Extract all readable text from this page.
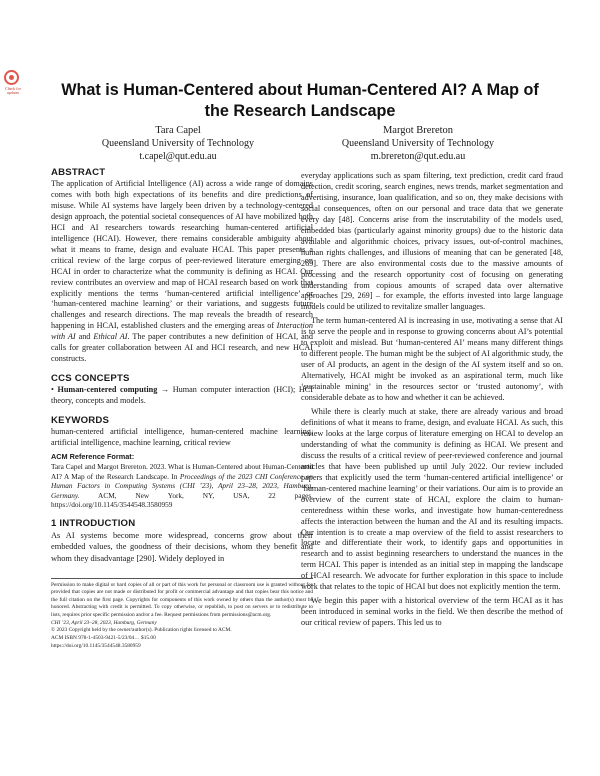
Check for updates	What is Human-Centered about Human-Centered AI? A Map of the Research Landscape
Tara Capel
Queensland University of Technology
t.capel@qut.edu.au
Margot Brereton
Queensland University of Technology
m.brereton@qut.edu.au
ABSTRACT

The application of Artificial Intelligence (AI) across a wide range of domains comes with both high expectations of its benefits and dire predictions of misuse. While AI systems have largely been driven by a technology-centered design approach, the potential societal consequences of AI have mobilized both HCI and AI researchers towards researching human-centered artificial intelligence (HCAI). However, there remains considerable ambiguity about what it means to frame, design and evaluate HCAI. This paper presents a critical review of the large corpus of peer-reviewed literature emerging on HCAI in order to characterize what the community is defining as HCAI. Our review contributes an overview and map of HCAI research based on work that explicitly mentions the terms ‘human-centered artificial intelligence’ or ‘human-centered machine learning’ or their variations, and suggests future challenges and research directions. The map reveals the breadth of research happening in HCAI, established clusters and the emerging areas of Interaction with AI and Ethical AI. The paper contributes a new definition of HCAI, and calls for greater collaboration between AI and HCI research, and new HCAI constructs.

CCS CONCEPTS

• Human-centered computing → Human computer interaction (HCI); HCI theory, concepts and models.

KEYWORDS

human-centered artificial intelligence, human-centered machine learning, artificial intelligence, machine learning, critical review

ACM Reference Format:

Tara Capel and Margot Brereton. 2023. What is Human-Centered about Human-Centered AI? A Map of the Research Landscape. In Proceedings of the 2023 CHI Conference on Human Factors in Computing Systems (CHI ’23), April 23–28, 2023, Hamburg, Germany. ACM, New York, NY, USA, 22 pages. https://doi.org/10.1145/3544548.3580959

1 INTRODUCTION

As AI systems become more widespread, concerns grow about their embedded values, the goodness of their decisions, whom they benefit and whom they disadvantage [290]. Widely deployed in

Permission to make digital or hard copies of all or part of this work for personal or classroom use is granted without fee provided that copies are not made or distributed for profit or commercial advantage and that copies bear this notice and the full citation on the first page. Copyrights for components of this work owned by others than the author(s) must be honored. Abstracting with credit is permitted. To copy otherwise, or republish, to post on servers or to redistribute to lists, requires prior specific permission and/or a fee. Request permissions from permissions@acm.org.

CHI ’23, April 23–28, 2023, Hamburg, Germany

© 2023 Copyright held by the owner/author(s). Publication rights licensed to ACM.

ACM ISBN 978-1-4503-9421-5/23/04… $15.00

https://doi.org/10.1145/3544548.3580959

everyday applications such as spam filtering, text prediction, credit card fraud detection, credit scoring, search engines, news trends, market segmentation and advertising, insurance, loan qualification, and so on, they make decisions with social consequences, often on our personal and trace data that we generate every day [48]. Concerns arise from the inscrutability of the models used, embedded bias (particularly against minority groups) due to the historic data available and algorithmic choices, privacy issues, out-of-control machines, human rights challenges, and illusions of meaning that can be generated [48, 269]. There are also environmental costs due to the massive amounts of processing and the research opportunity cost of focusing on generating understanding from copious amounts of scraped data over alternative approaches [29, 269] – for example, the efforts invested into large language models could be utilized to revitalize smaller languages.

The term human-centered AI is increasing in use, motivating a sense that AI is to serve the people and in response to growing concerns about AI’s potential to exploit and mislead. But ‘human-centered AI’ means many different things to different people. The human might be the subject of AI algorithmic study, the user of AI products, an agent in the design of the AI system itself and so on. Alternatively, HCAI might be invoked as an aspirational term, much like ‘sustainable mining’ in the resources sector or ‘trusted autonomy’, with considerable debate as to how and whether it can be achieved.

While there is clearly much at stake, there are already various and broad definitions of what it means to frame, design, and evaluate HCAI. As such, this review looks at the large corpus of literature emerging on HCAI to develop an understanding of what the community is defining as HCAI. We present and discuss the results of a critical review of peer-reviewed conference and journal articles that have been published up until July 2022. Our review included papers that explicitly used the term ‘human-centered artificial intelligence’ or ‘human-centered machine learning’ or their variations. Our aim is to provide an overview of the current state of HCAI, explore the claim to human-centeredness within these works, and investigate how human-centeredness affects the interaction between the human and the AI and its resulting impacts. Our intention is to create a map overview of the field to assist researchers to locate and differentiate their work, to identify gaps and opportunities in research and to assist beginning researchers to understand the nuances in the term HCAI. This paper is intended as an initial step in mapping the landscape of HCAI research. We advocate for further exploration in this space to include work that relates to the topic of HCAI but does not explicitly mention the term.

We begin this paper with a historical overview of the term HCAI as it has been introduced in seminal works in the field. We then describe the method of our critical review of papers. This led us to
